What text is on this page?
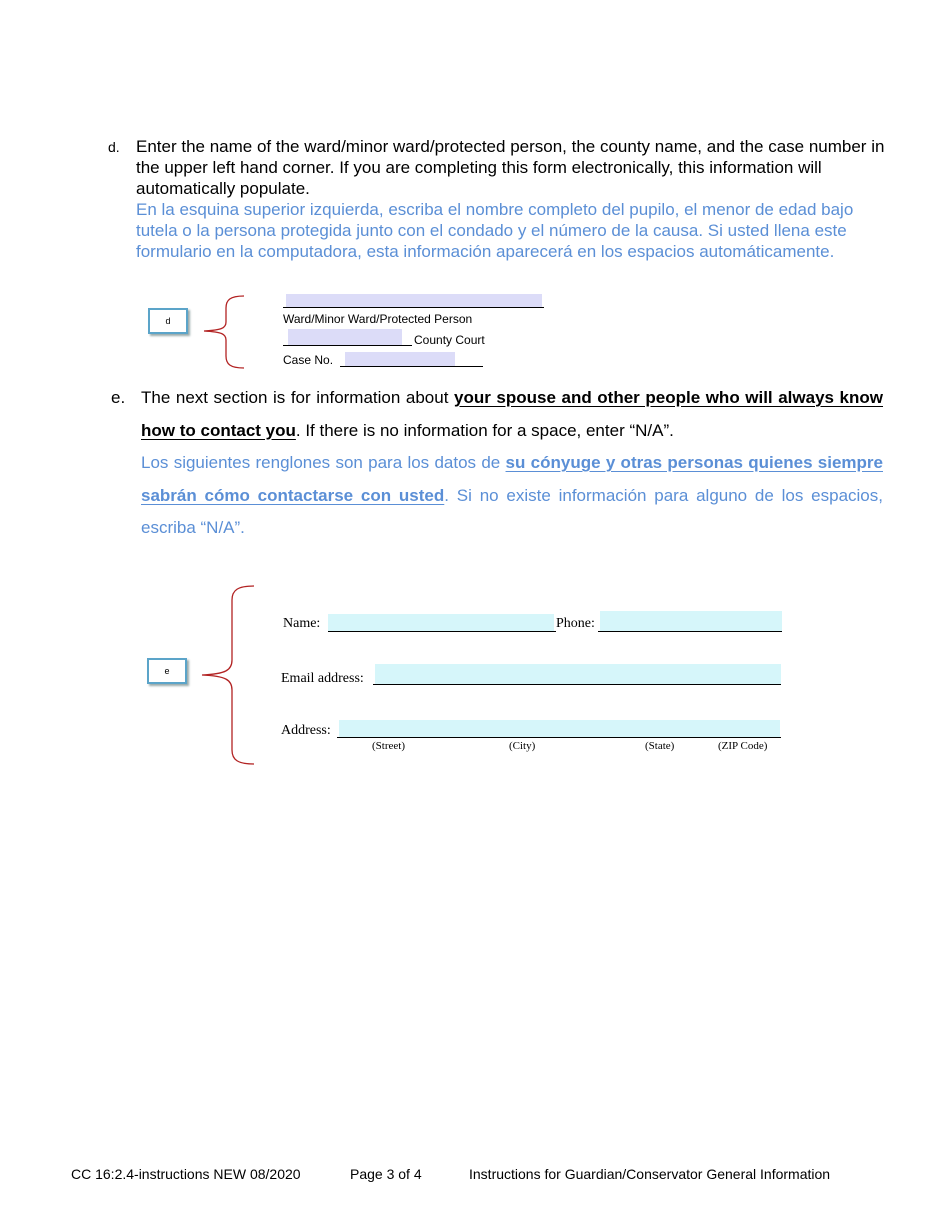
d. Enter the name of the ward/minor ward/protected person, the county name, and the case number in the upper left hand corner. If you are completing this form electronically, this information will automatically populate.
En la esquina superior izquierda, escriba el nombre completo del pupilo, el menor de edad bajo tutela o la persona protegida junto con el condado y el número de la causa. Si usted llena este formulario en la computadora, esta información aparecerá en los espacios automáticamente.
d	Ward/Minor Ward/Protected Person
County Court
Case No.
e. The next section is for information about your spouse and other people who will always know how to contact you. If there is no information for a space, enter “N/A”.
Los siguientes renglones son para los datos de su cónyuge y otras personas quienes siempre sabrán cómo contactarse con usted. Si no existe información para alguno de los espacios, escriba “N/A”.
e
Name:	Phone:
Email address:
Address:
(Street)	(City)	(State)	(ZIP Code)
CC 16:2.4-instructions NEW 08/2020	Page 3 of 4	Instructions for Guardian/Conservator General Information
